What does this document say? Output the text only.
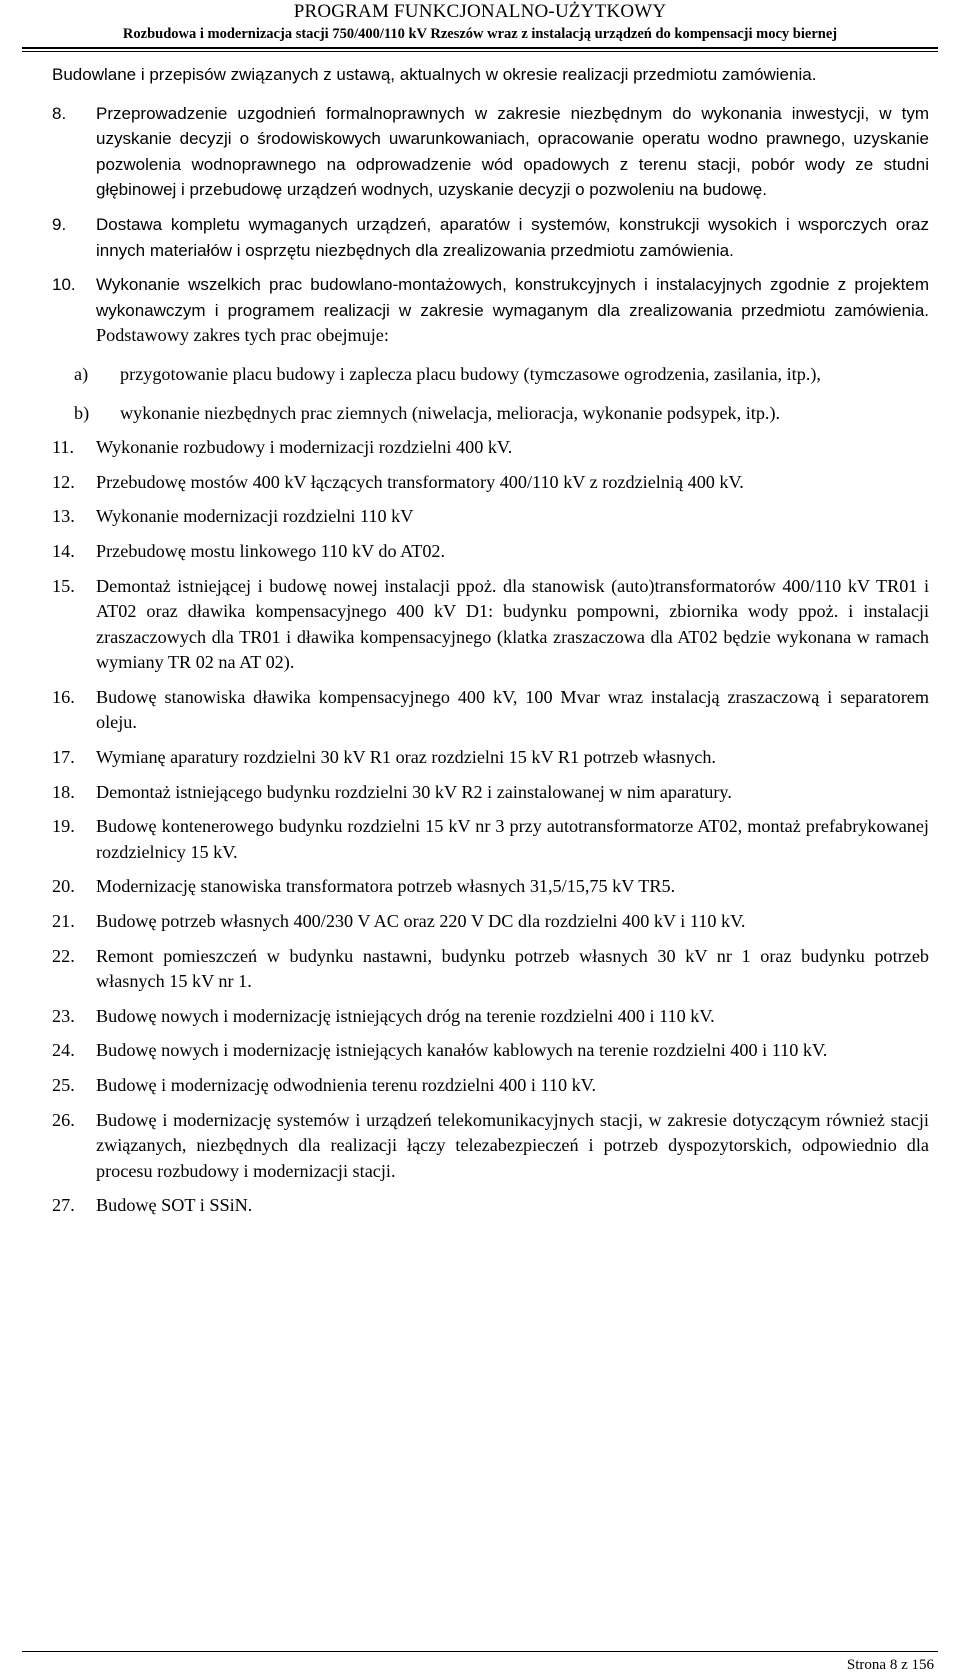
PROGRAM FUNKCJONALNO-UŻYTKOWY
Rozbudowa i modernizacja stacji 750/400/110 kV Rzeszów wraz z instalacją urządzeń do kompensacji mocy biernej

Budowlane i przepisów związanych z ustawą, aktualnych w okresie realizacji przedmiotu zamówienia.

8.	Przeprowadzenie uzgodnień formalnoprawnych w zakresie niezbędnym do wykonania inwestycji, w tym uzyskanie decyzji o środowiskowych uwarunkowaniach, opracowanie operatu wodno prawnego, uzyskanie pozwolenia wodnoprawnego na odprowadzenie wód opadowych z terenu stacji, pobór wody ze studni głębinowej i przebudowę urządzeń wodnych, uzyskanie decyzji o pozwoleniu na budowę.
9.	Dostawa kompletu wymaganych urządzeń, aparatów i systemów, konstrukcji wysokich i wsporczych oraz innych materiałów i osprzętu niezbędnych dla zrealizowania przedmiotu zamówienia.
10.	Wykonanie wszelkich prac budowlano-montażowych, konstrukcyjnych i instalacyjnych zgodnie z projektem wykonawczym i programem realizacji w zakresie wymaganym dla zrealizowania przedmiotu zamówienia. Podstawowy zakres tych prac obejmuje:
a)	przygotowanie placu budowy i zaplecza placu budowy (tymczasowe ogrodzenia, zasilania, itp.),
b)	wykonanie niezbędnych prac ziemnych (niwelacja, melioracja, wykonanie podsypek, itp.).
11.	Wykonanie rozbudowy i modernizacji rozdzielni 400 kV.
12.	Przebudowę mostów 400 kV łączących transformatory 400/110 kV z rozdzielnią 400 kV.
13.	Wykonanie modernizacji rozdzielni 110 kV
14.	Przebudowę mostu linkowego 110 kV do AT02.
15.	Demontaż istniejącej i budowę nowej instalacji ppoż. dla stanowisk (auto)transformatorów 400/110 kV TR01 i AT02 oraz dławika kompensacyjnego 400 kV D1: budynku pompowni, zbiornika wody ppoż. i instalacji zraszaczowych dla TR01 i dławika kompensacyjnego (klatka zraszaczowa dla AT02 będzie wykonana w ramach wymiany TR 02 na AT 02).
16.	Budowę stanowiska dławika kompensacyjnego 400 kV, 100 Mvar wraz instalacją zraszaczową i separatorem oleju.
17.	Wymianę aparatury rozdzielni 30 kV R1 oraz rozdzielni 15 kV R1 potrzeb własnych.
18.	Demontaż istniejącego budynku rozdzielni 30 kV R2 i zainstalowanej w nim aparatury.
19.	Budowę kontenerowego budynku rozdzielni 15 kV nr 3 przy autotransformatorze AT02, montaż prefabrykowanej rozdzielnicy 15 kV.
20.	Modernizację stanowiska transformatora potrzeb własnych 31,5/15,75 kV TR5.
21.	Budowę potrzeb własnych 400/230 V AC oraz 220 V DC dla rozdzielni 400 kV i 110 kV.
22.	Remont pomieszczeń w budynku nastawni, budynku potrzeb własnych 30 kV nr 1 oraz budynku potrzeb własnych 15 kV nr 1.
23.	Budowę nowych i modernizację istniejących dróg na terenie rozdzielni 400 i 110 kV.
24.	Budowę nowych i modernizację istniejących kanałów kablowych na terenie rozdzielni 400 i 110 kV.
25.	Budowę i modernizację odwodnienia terenu rozdzielni 400 i 110 kV.
26.	Budowę i modernizację systemów i urządzeń telekomunikacyjnych stacji, w zakresie dotyczącym również stacji związanych, niezbędnych dla realizacji łączy telezabezpieczeń i potrzeb dyspozytorskich, odpowiednio dla procesu rozbudowy i modernizacji stacji.
27.	Budowę SOT i SSiN.
Strona 8 z 156
